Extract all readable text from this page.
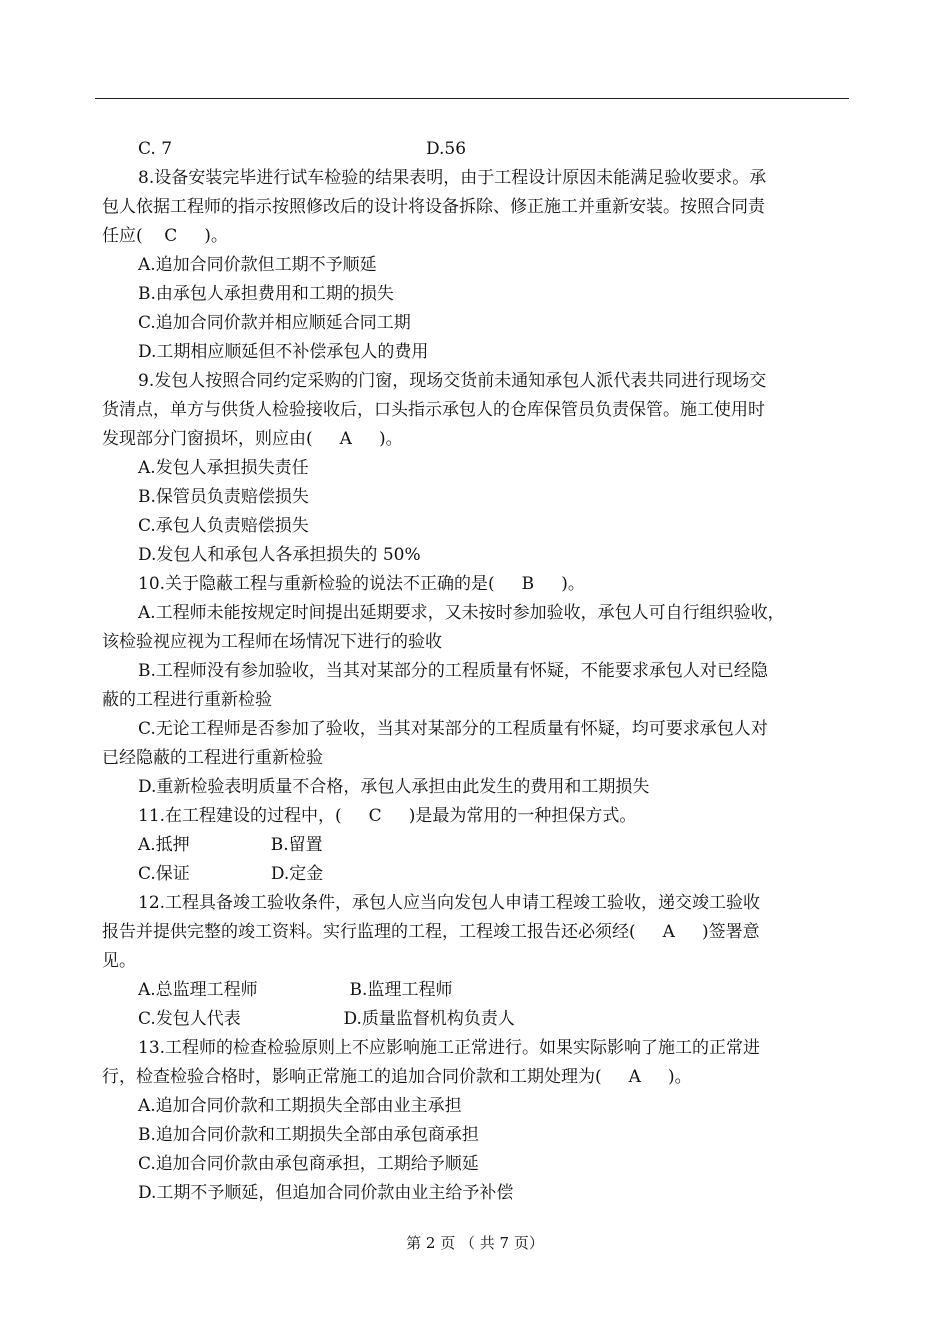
C. 7                                               D.56
8.设备安装完毕进行试车检验的结果表明，由于工程设计原因未能满足验收要求。承
包人依据工程师的指示按照修改后的设计将设备拆除、修正施工并重新安装。按照合同责
任应(    C     )。
A.追加合同价款但工期不予顺延
B.由承包人承担费用和工期的损失
C.追加合同价款并相应顺延合同工期
D.工期相应顺延但不补偿承包人的费用
9.发包人按照合同约定采购的门窗，现场交货前未通知承包人派代表共同进行现场交
货清点，单方与供货人检验接收后，口头指示承包人的仓库保管员负责保管。施工使用时
发现部分门窗损坏，则应由(     A     )。
A.发包人承担损失责任
B.保管员负责赔偿损失
C.承包人负责赔偿损失
D.发包人和承包人各承担损失的 50%
10.关于隐蔽工程与重新检验的说法不正确的是(     B     )。
A.工程师未能按规定时间提出延期要求，又未按时参加验收，承包人可自行组织验收，
该检验视应视为工程师在场情况下进行的验收
B.工程师没有参加验收，当其对某部分的工程质量有怀疑，不能要求承包人对已经隐
蔽的工程进行重新检验
C.无论工程师是否参加了验收，当其对某部分的工程质量有怀疑，均可要求承包人对
已经隐蔽的工程进行重新检验
D.重新检验表明质量不合格，承包人承担由此发生的费用和工期损失
11.在工程建设的过程中，(     C     )是最为常用的一种担保方式。
A.抵押               B.留置
C.保证               D.定金
12.工程具备竣工验收条件，承包人应当向发包人申请工程竣工验收，递交竣工验收
报告并提供完整的竣工资料。实行监理的工程，工程竣工报告还必须经(     A     )签署意
见。
A.总监理工程师                 B.监理工程师
C.发包人代表                   D.质量监督机构负责人
13.工程师的检查检验原则上不应影响施工正常进行。如果实际影响了施工的正常进
行，检查检验合格时，影响正常施工的追加合同价款和工期处理为(     A     )。
A.追加合同价款和工期损失全部由业主承担
B.追加合同价款和工期损失全部由承包商承担
C.追加合同价款由承包商承担，工期给予顺延
D.工期不予顺延，但追加合同价款由业主给予补偿
第 2 页 （ 共 7 页）
